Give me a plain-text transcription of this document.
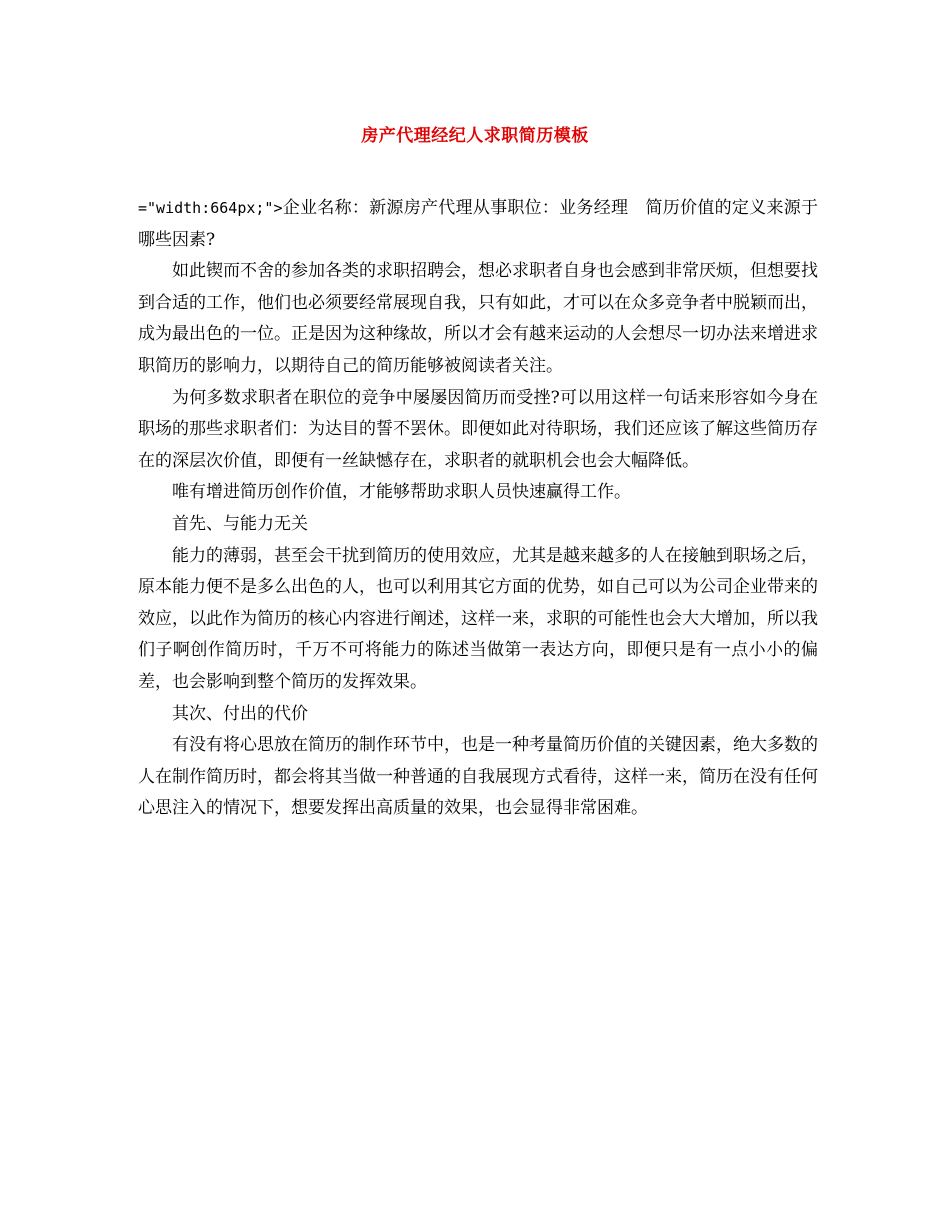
房产代理经纪人求职简历模板

="width:664px;">企业名称：新源房产代理从事职位：业务经理　简历价值的定义来源于哪些因素?

如此锲而不舍的参加各类的求职招聘会，想必求职者自身也会感到非常厌烦，但想要找到合适的工作，他们也必须要经常展现自我，只有如此，才可以在众多竞争者中脱颖而出，成为最出色的一位。正是因为这种缘故，所以才会有越来运动的人会想尽一切办法来增进求职简历的影响力，以期待自己的简历能够被阅读者关注。

为何多数求职者在职位的竞争中屡屡因简历而受挫?可以用这样一句话来形容如今身在职场的那些求职者们：为达目的誓不罢休。即便如此对待职场，我们还应该了解这些简历存在的深层次价值，即便有一丝缺憾存在，求职者的就职机会也会大幅降低。

唯有增进简历创作价值，才能够帮助求职人员快速赢得工作。

首先、与能力无关

能力的薄弱，甚至会干扰到简历的使用效应，尤其是越来越多的人在接触到职场之后，原本能力便不是多么出色的人，也可以利用其它方面的优势，如自己可以为公司企业带来的效应，以此作为简历的核心内容进行阐述，这样一来，求职的可能性也会大大增加，所以我们子啊创作简历时，千万不可将能力的陈述当做第一表达方向，即便只是有一点小小的偏差，也会影响到整个简历的发挥效果。

其次、付出的代价

有没有将心思放在简历的制作环节中，也是一种考量简历价值的关键因素，绝大多数的人在制作简历时，都会将其当做一种普通的自我展现方式看待，这样一来，简历在没有任何心思注入的情况下，想要发挥出高质量的效果，也会显得非常困难。
